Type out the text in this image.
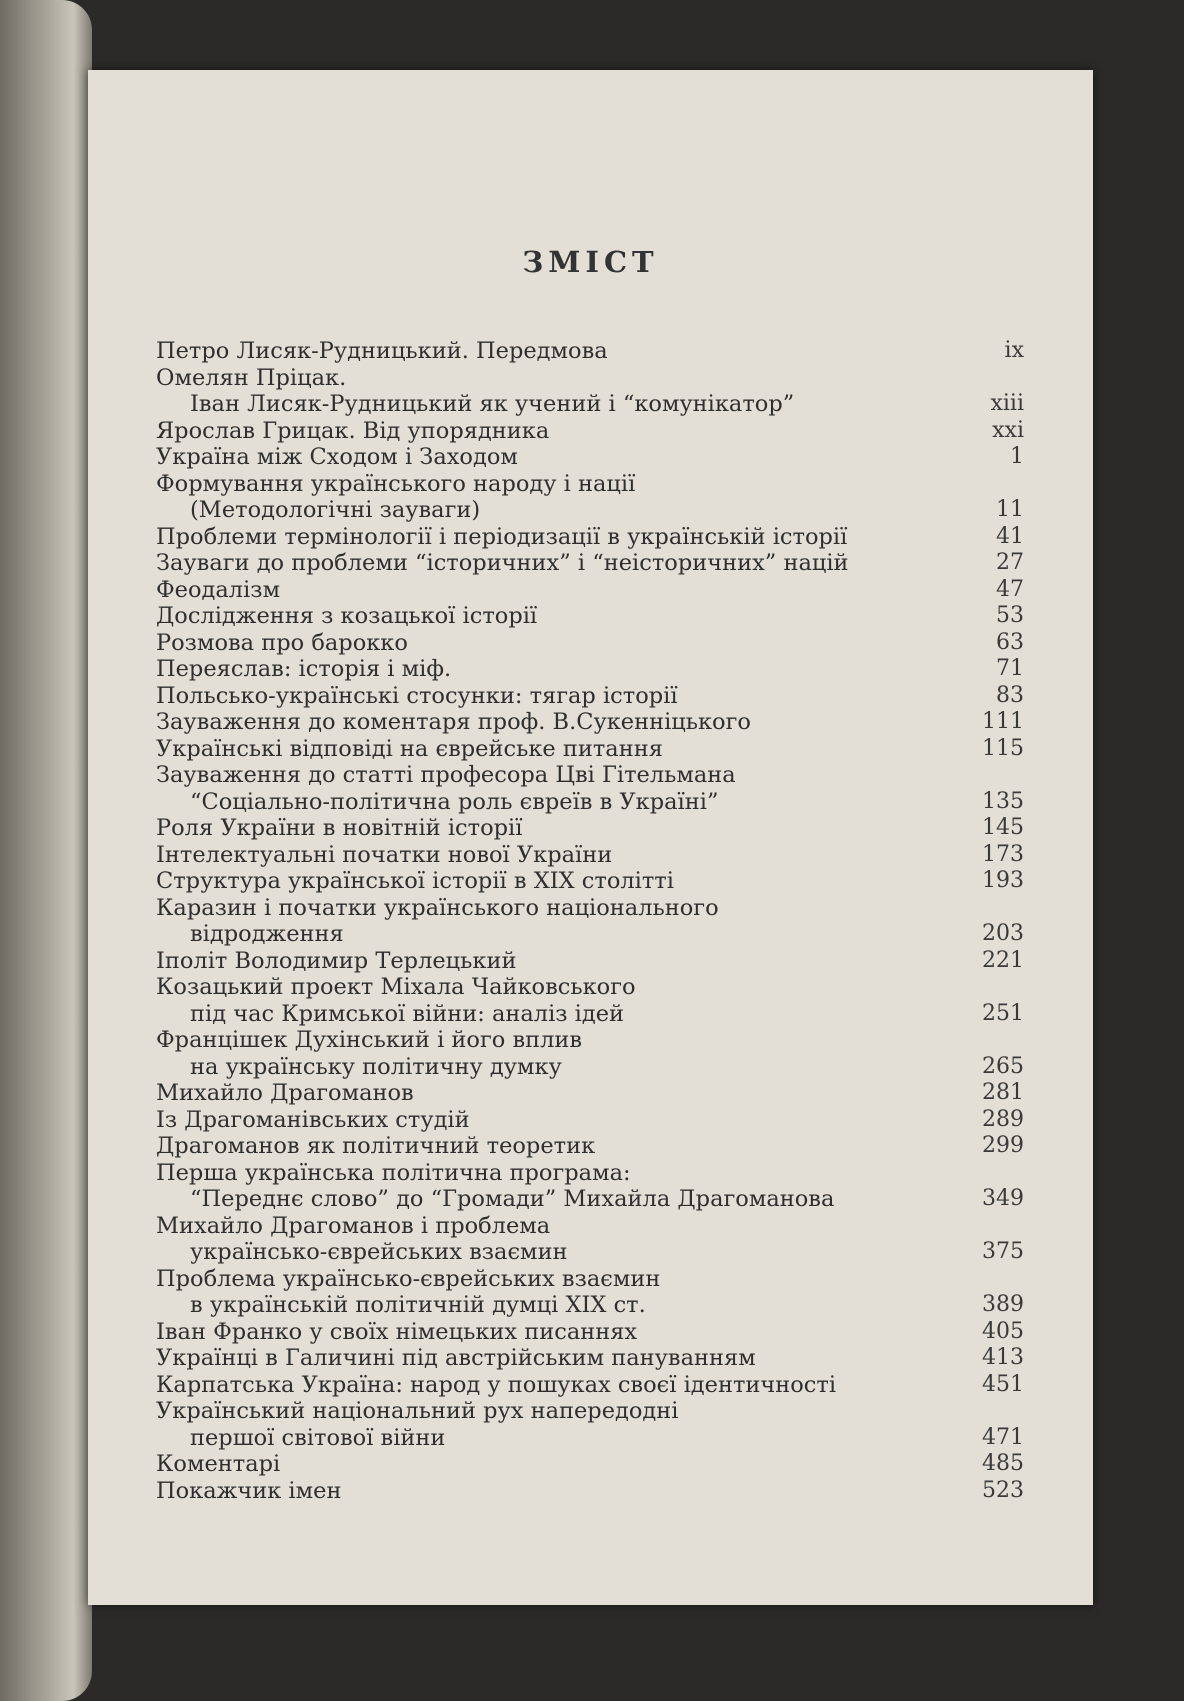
ЗМІСТ
Петро Лисяк-Рудницький. Передмова	ix
Омелян Пріцак.
Іван Лисяк-Рудницький як учений і “комунікатор”	xiii
Ярослав Грицак. Від упорядника	xxi
Україна між Сходом і Заходом	1
Формування українського народу і нації
(Методологічні зауваги)	11
Проблеми термінології і періодизації в українській історії	41
Зауваги до проблеми “історичних” і “неісторичних” націй	27
Феодалізм	47
Дослідження з козацької історії	53
Розмова про барокко	63
Переяслав: історія і міф.	71
Польсько-українські стосунки: тягар історії	83
Зауваження до коментаря проф. В.Сукенніцького	111
Українські відповіді на єврейське питання	115
Зауваження до статті професора Цві Гітельмана
“Соціально-політична роль євреїв в Україні”	135
Роля України в новітній історії	145
Інтелектуальні початки нової України	173
Структура української історії в XIX столітті	193
Каразин і початки українського національного
відродження	203
Іполіт Володимир Терлецький	221
Козацький проект Міхала Чайковського
під час Кримської війни: аналіз ідей	251
Францішек Духінський і його вплив
на українську політичну думку	265
Михайло Драгоманов	281
Із Драгоманівських студій	289
Драгоманов як політичний теоретик	299
Перша українська політична програма:
“Переднє слово” до “Громади” Михайла Драгоманова	349
Михайло Драгоманов і проблема
українсько-єврейських взаємин	375
Проблема українсько-єврейських взаємин
в українській політичній думці XIX ст.	389
Іван Франко у своїх німецьких писаннях	405
Українці в Галичині під австрійським пануванням	413
Карпатська Україна: народ у пошуках своєї ідентичності	451
Український національний рух напередодні
першої світової війни	471
Коментарі	485
Покажчик імен	523
